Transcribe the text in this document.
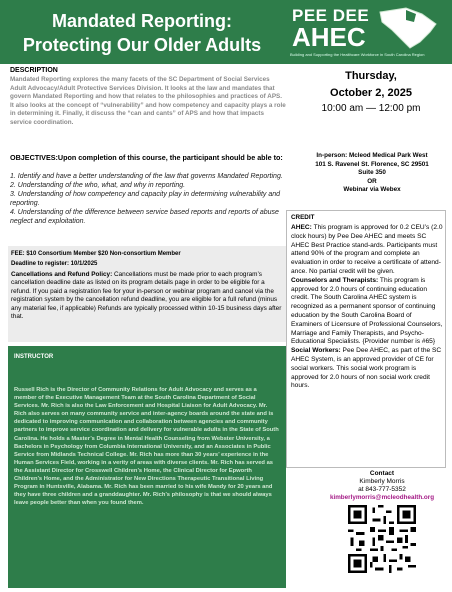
Mandated Reporting:
Protecting Our Older Adults
PEE DEE
AHEC
Building and Supporting the Healthcare Workforce in South Carolina Region
DESCRIPTION
Mandated Reporting explores the many facets of the SC Department of Social Services Adult Advocacy/Adult Protective Services Division. It looks at the law and mandates that govern Mandated Reporting and how that relates to the philosophies and practices of APS. It also looks at the concept of “vulnerability” and how competency and capacity plays a role in determining it. Finally, it discuss the “can and cants” of APS and how that impacts service coordination.
OBJECTIVES:Upon completion of this course, the participant should be able to:
1. Identify and have a better understanding of the law that governs Mandated Reporting.
2. Understanding of the who, what, and why in reporting.
3. Understanding of how competency and capacity play in determining vulnerability and reporting.
4. Understanding of the difference between service based reports and reports of abuse neglect and exploitation.
FEE: $10 Consortium Member $20 Non-consortium Member
Deadline to register: 10/1/2025
Cancellations and Refund Policy: Cancellations must be made prior to each program’s cancellation deadline date as listed on its program details page in order to be eligible for a refund. If you paid a registration fee for your in-person or webinar program and cancel via the registration system by the cancellation refund deadline, you are eligible for a full refund (minus any material fee, if applicable) Refunds are typically processed within 10-15 business days after that.
INSTRUCTOR
Russell Rich is the Director of Community Relations for Adult Advocacy and serves as a member of the Executive Management Team at the South Carolina Department of Social Services. Mr. Rich is also the Law Enforcement and Hospital Liaison for Adult Advocacy. Mr. Rich also serves on many community service and inter-agency boards around the state and is dedicated to improving communication and collaboration between agencies and community partners to improve service coordination and delivery for vulnerable adults in the State of South Carolina. He holds a Master’s Degree in Mental Health Counseling from Webster University, a Bachelors in Psychology from Columbia International University, and an Associates in Public Service from Midlands Technical College. Mr. Rich has more than 30 years’ experience in the Human Services Field, working in a verity of areas with diverse clients. Mr. Rich has served as the Assistant Director for Crosswell Children’s Home, the Clinical Director for Epworth Children’s Home, and the Administrator for New Directions Therapeutic Transitional Living Program in Huntsville, Alabama. Mr. Rich has been married to his wife Mandy for 20 years and they have three children and a granddaughter. Mr. Rich’s philosophy is that we should always leave people better than when you found them.
Thursday,
October 2, 2025
10:00 am — 12:00 pm
In-person: Mcleod Medical Park West
101 S. Ravenel St. Florence, SC 29501
Suite 350
OR
Webinar via Webex
CREDIT
AHEC: This program is approved for 0.2 CEU’s (2.0 clock hours) by Pee Dee AHEC and meets SC AHEC Best Practice stand-ards. Participants must attend 90% of the program and complete an evaluation in order to receive a certificate of attend-ance. No partial credit will be given.
Counselors and Therapists: This program is approved for 2.0 hours of continuing education credit. The South Carolina AHEC system is recognized as a permanent sponsor of continuing education by the South Carolina Board of Examiners of Licensure of Professional Counselors, Marriage and Family Therapists, and Psycho-Educational Specialists. {Provider number is #65}
Social Workers: Pee Dee AHEC, as part of the SC AHEC System, is an approved provider of CE for social workers. This social work program is approved for 2.0 hours of non social work credit hours.
Contact
Kimberly Morris
at 843-777-5352
kimberlymorris@mcleodhealth.org
